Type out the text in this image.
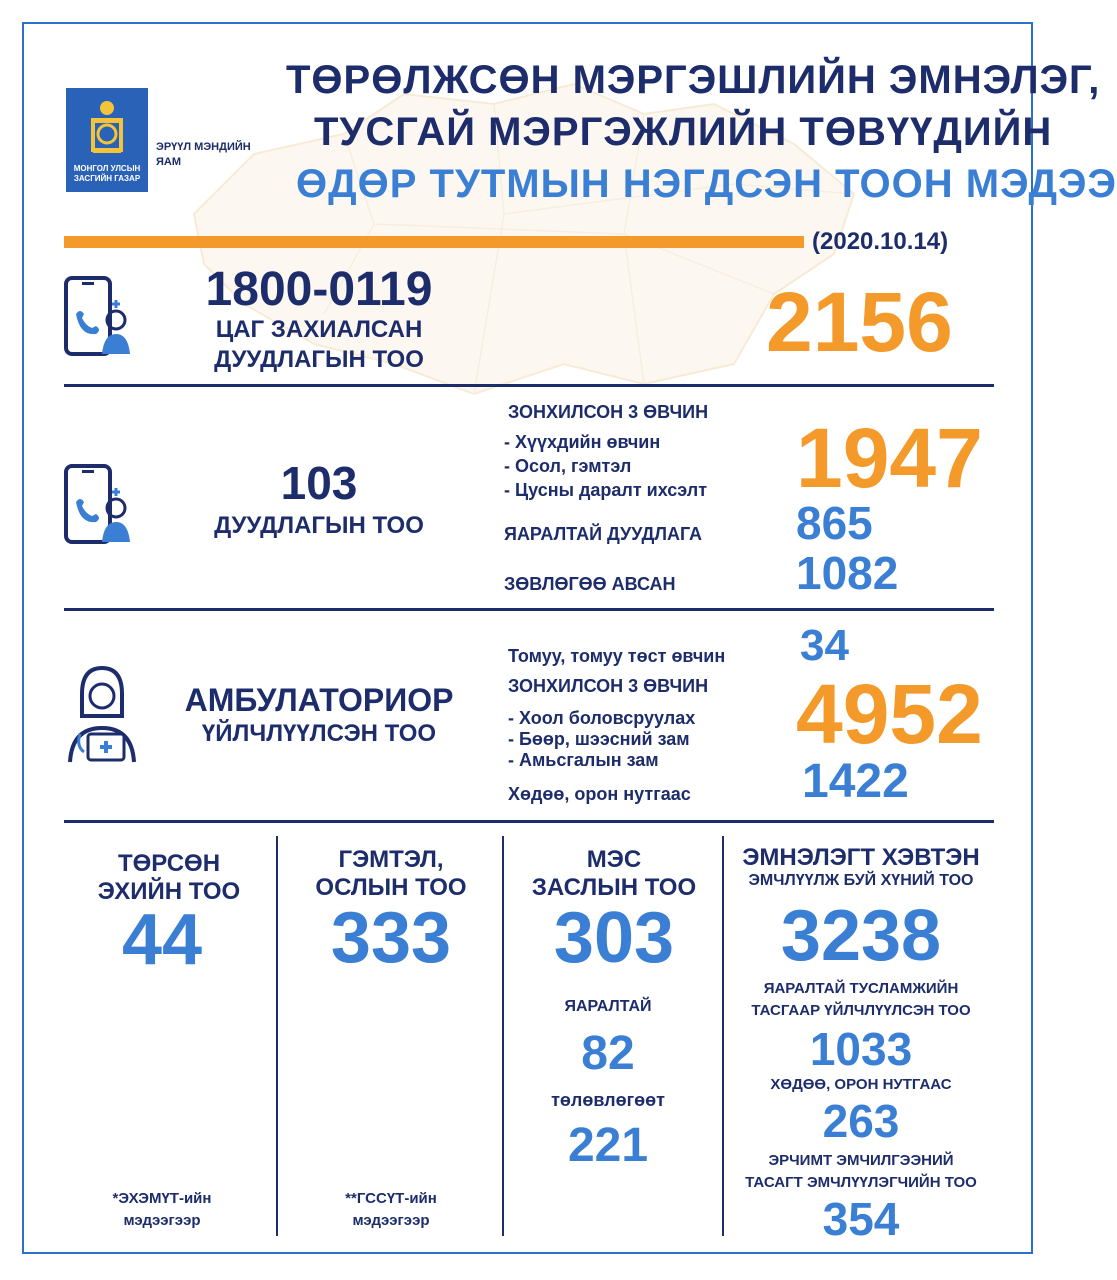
МОНГОЛ УЛСЫН ЗАСГИЙН ГАЗАР
ЭРҮҮЛ МЭНДИЙН ЯАМ
ТӨРӨЛЖСӨН МЭРГЭШЛИЙН ЭМНЭЛЭГ,
ТУСГАЙ МЭРГЭЖЛИЙН ТӨВҮҮДИЙН
ӨДӨР ТУТМЫН НЭГДСЭН ТООН МЭДЭЭ
(2020.10.14)
1800-0119
ЦАГ ЗАХИАЛСАН
ДУУДЛАГЫН ТОО	2156
103
ДУУДЛАГЫН ТОО
ЗОНХИЛСОН 3 ӨВЧИН
- Хүүхдийн өвчин
- Осол, гэмтэл
- Цусны даралт ихсэлт 1947
ЯАРАЛТАЙ ДУУДЛАГА 865
ЗӨВЛӨГӨӨ АВСАН	1082
АМБУЛАТОРИОР
ҮЙЛЧЛҮҮЛСЭН ТОО
Томуу, томуу төст өвчин 34
ЗОНХИЛСОН 3 ӨВЧИН
- Хоол боловсруулах
- Бөөр, шээсний зам
- Амьсгалын зам 4952
Хөдөө, орон нутгаас 1422
ТӨРСӨН
ЭХИЙН ТОО
44
*ЭХЭМҮТ-ийн
мэдээгээр
ГЭМТЭЛ,
ОСЛЫН ТОО
333
**ГССҮТ-ийн
мэдээгээр
МЭС
ЗАСЛЫН ТОО
303
ЯАРАЛТАЙ
82
төлөвлөгөөт
221
ЭМНЭЛЭГТ ХЭВТЭН
ЭМЧЛҮҮЛЖ БУЙ ХҮНИЙ ТОО
3238
ЯАРАЛТАЙ ТУСЛАМЖИЙН
ТАСГААР ҮЙЛЧЛҮҮЛСЭН ТОО
1033
ХӨДӨӨ, ОРОН НУТГААС
263
ЭРЧИМТ ЭМЧИЛГЭЭНИЙ
ТАСАГТ ЭМЧЛҮҮЛЭГЧИЙН ТОО
354
